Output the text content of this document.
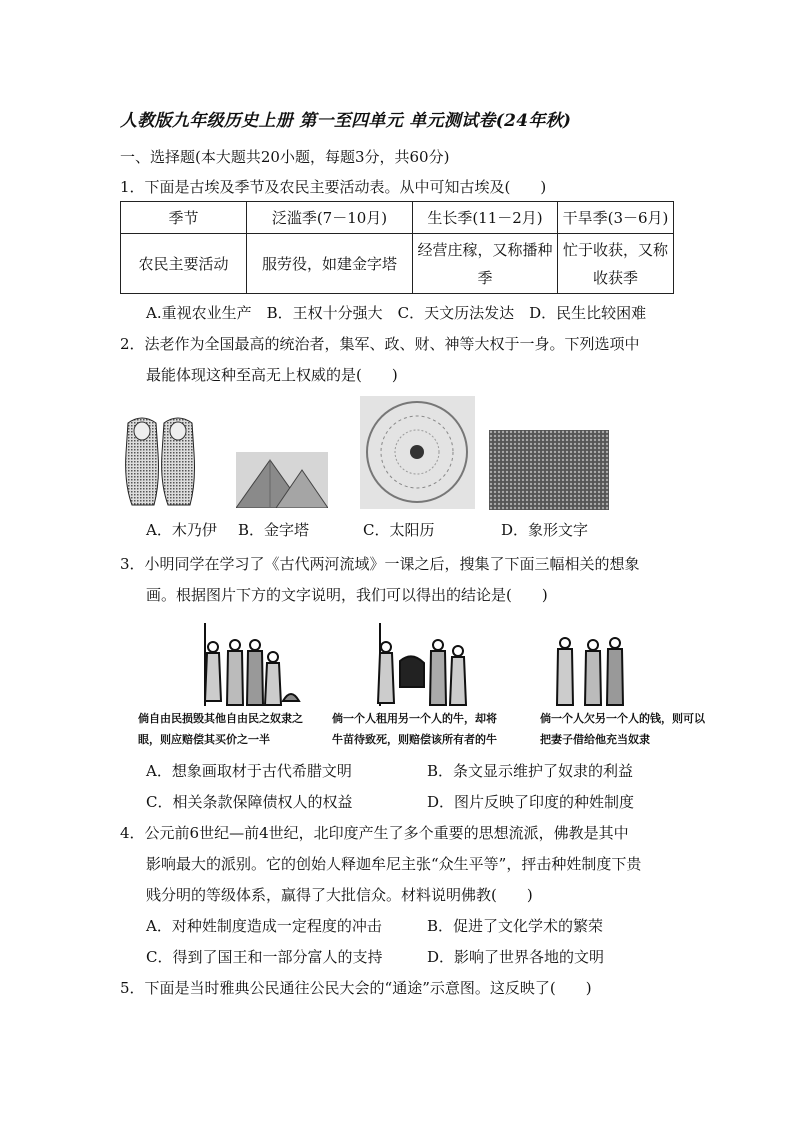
人教版九年级历史上册 第一至四单元 单元测试卷(24年秋)
一、选择题(本大题共20小题，每题3分，共60分)
1．下面是古埃及季节及农民主要活动表。从中可知古埃及(　　)
季节	泛滥季(7－10月)	生长季(11－2月)	干旱季(3－6月)
农民主要活动	服劳役，如建金字塔	经营庄稼，又称播种季	忙于收获，又称收获季
A.重视农业生产　B．王权十分强大　C．天文历法发达　D．民生比较困难
2．法老作为全国最高的统治者，集军、政、财、神等大权于一身。下列选项中
最能体现这种至高无上权威的是(　　)
A．木乃伊 B．金字塔	C．太阳历	D．象形文字
3．小明同学在学习了《古代两河流域》一课之后，搜集了下面三幅相关的想象
画。根据图片下方的文字说明，我们可以得出的结论是(　　)
倘自由民损毁其他自由民之奴隶之眼，则应赔偿其买价之一半
倘一个人租用另一个人的牛，却将牛苗待致死，则赔偿该所有者的牛
倘一个人欠另一个人的钱，则可以把妻子借给他充当奴隶
A．想象画取材于古代希腊文明	B．条文显示维护了奴隶的利益
C．相关条款保障债权人的权益	D．图片反映了印度的种姓制度
4．公元前6世纪—前4世纪，北印度产生了多个重要的思想流派，佛教是其中
影响最大的派别。它的创始人释迦牟尼主张“众生平等”，抨击种姓制度下贵
贱分明的等级体系，赢得了大批信众。材料说明佛教(　　)
A．对种姓制度造成一定程度的冲击	B．促进了文化学术的繁荣
C．得到了国王和一部分富人的支持	D．影响了世界各地的文明
5．下面是当时雅典公民通往公民大会的“通途”示意图。这反映了(　　)
